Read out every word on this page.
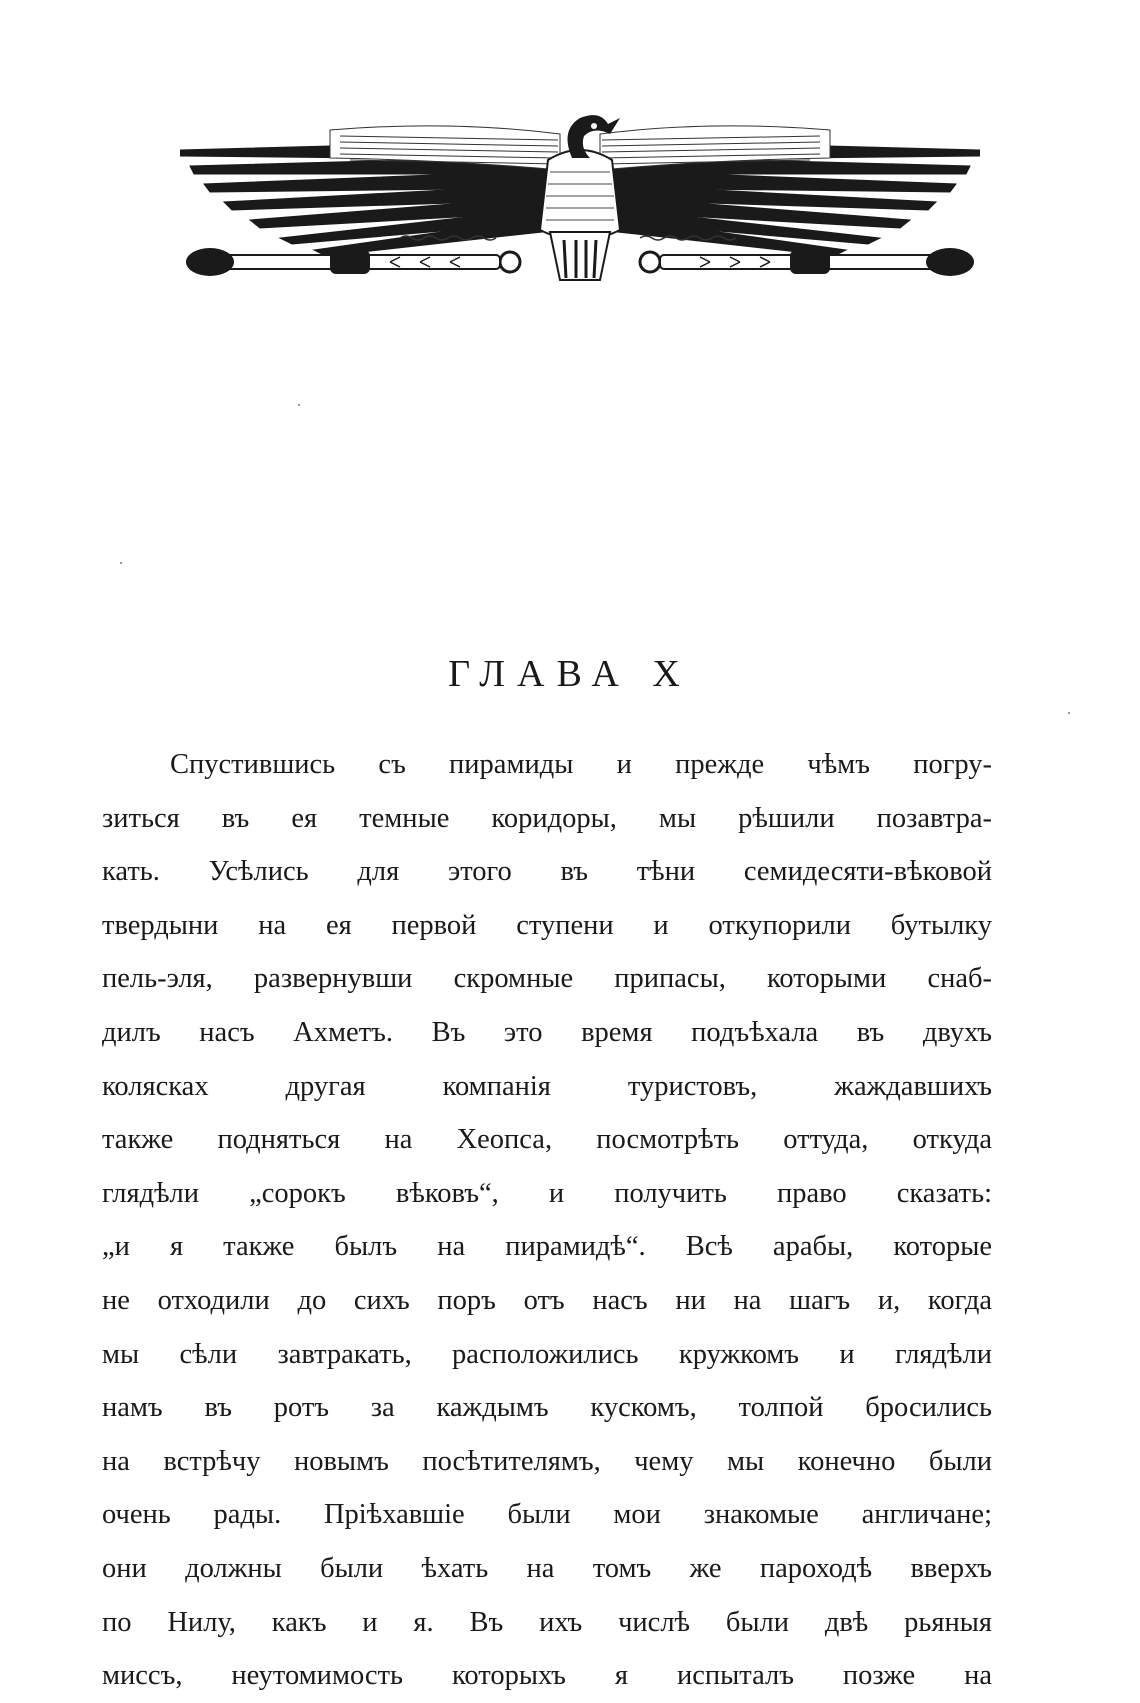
ГЛАВА X
Спустившись съ пирамиды и прежде чѣмъ погру-
зиться въ ея темные коридоры, мы рѣшили позавтра-
кать. Усѣлись для этого въ тѣни семидесяти-вѣковой
твердыни на ея первой ступени и откупорили бутылку
пель-эля, развернувши скромные припасы, которыми снаб-
дилъ насъ Ахметъ. Въ это время подъѣхала въ двухъ
колясках другая компанія туристовъ, жаждавшихъ
также подняться на Хеопса, посмотрѣть оттуда, откуда
глядѣли „сорокъ вѣковъ“, и получить право сказать:
„и я также былъ на пирамидѣ“. Всѣ арабы, которые
не отходили до сихъ поръ отъ насъ ни на шагъ и, когда
мы сѣли завтракать, расположились кружкомъ и глядѣли
намъ въ ротъ за каждымъ кускомъ, толпой бросились
на встрѣчу новымъ посѣтителямъ, чему мы конечно были
очень рады. Пріѣхавшіе были мои знакомые англичане;
они должны были ѣхать на томъ же пароходѣ вверхъ
по Нилу, какъ и я. Въ ихъ числѣ были двѣ рьяныя
миссъ, неутомимость которыхъ я испыталъ позже на
